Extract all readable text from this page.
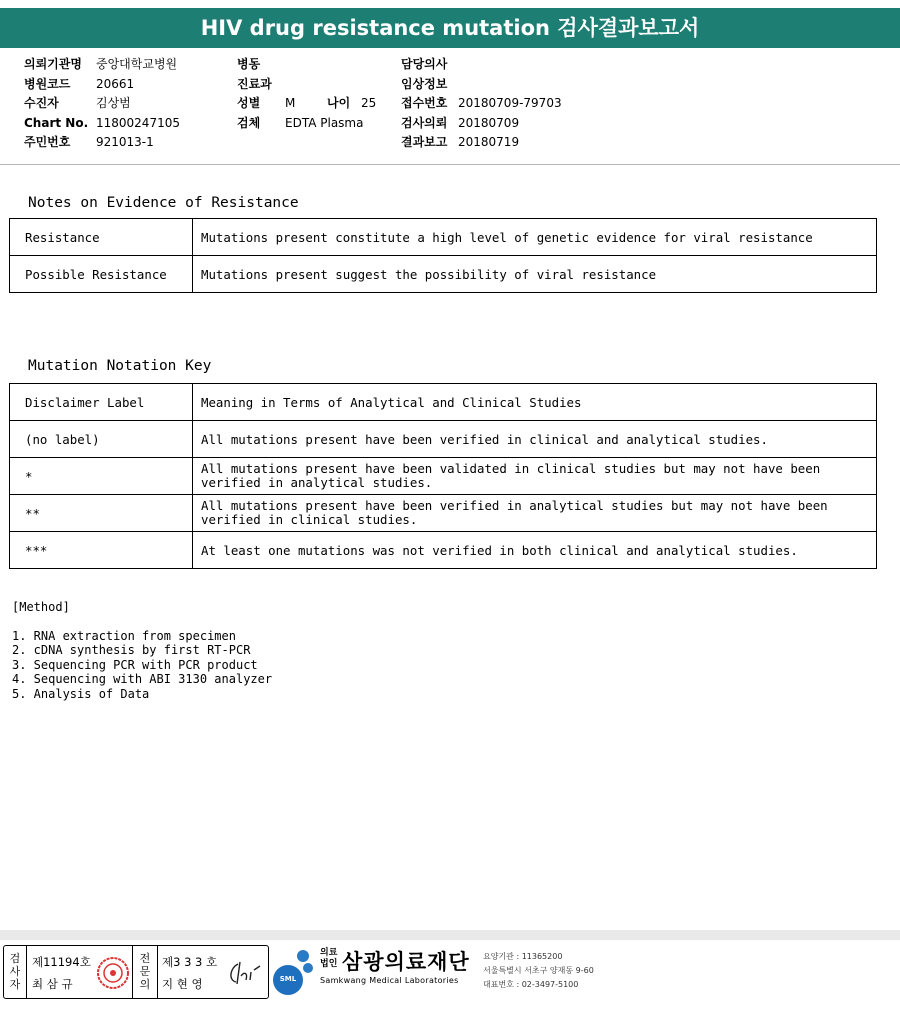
HIV drug resistance mutation 검사결과보고서
의뢰기관명	중앙대학교병원
병원코드	20661
수진자	김상범
Chart No. 11800247105
주민번호	921013-1
병동
진료과
성별	M	나이 25
검체	EDTA Plasma
담당의사
임상정보
접수번호 20180709-79703
검사의뢰 20180709
결과보고 20180719
Notes on Evidence of Resistance
Resistance	Mutations present constitute a high level of genetic evidence for viral resistance
Possible Resistance	Mutations present suggest the possibility of viral resistance
Mutation Notation Key
Disclaimer Label	Meaning in Terms of Analytical and Clinical Studies
(no label)	All mutations present have been verified in clinical and analytical studies.
*	All mutations present have been validated in clinical studies but may not have been verified in analytical studies.
**	All mutations present have been verified in analytical studies but may not have been verified in clinical studies.
***	At least one mutations was not verified in both clinical and analytical studies.
[Method]
1. RNA extraction from specimen
2. cDNA synthesis by first RT-PCR
3. Sequencing PCR with PCR product
4. Sequencing with ABI 3130 analyzer
5. Analysis of Data
검사자
제11194호
최 삼 규
전문의
제3 3 3 호
지 현 영	SML
의료법인 삼광의료재단
Samkwang Medical Laboratories
요양기관 : 11365200
서울특별시 서초구 양재동 9-60
대표번호 : 02-3497-5100
